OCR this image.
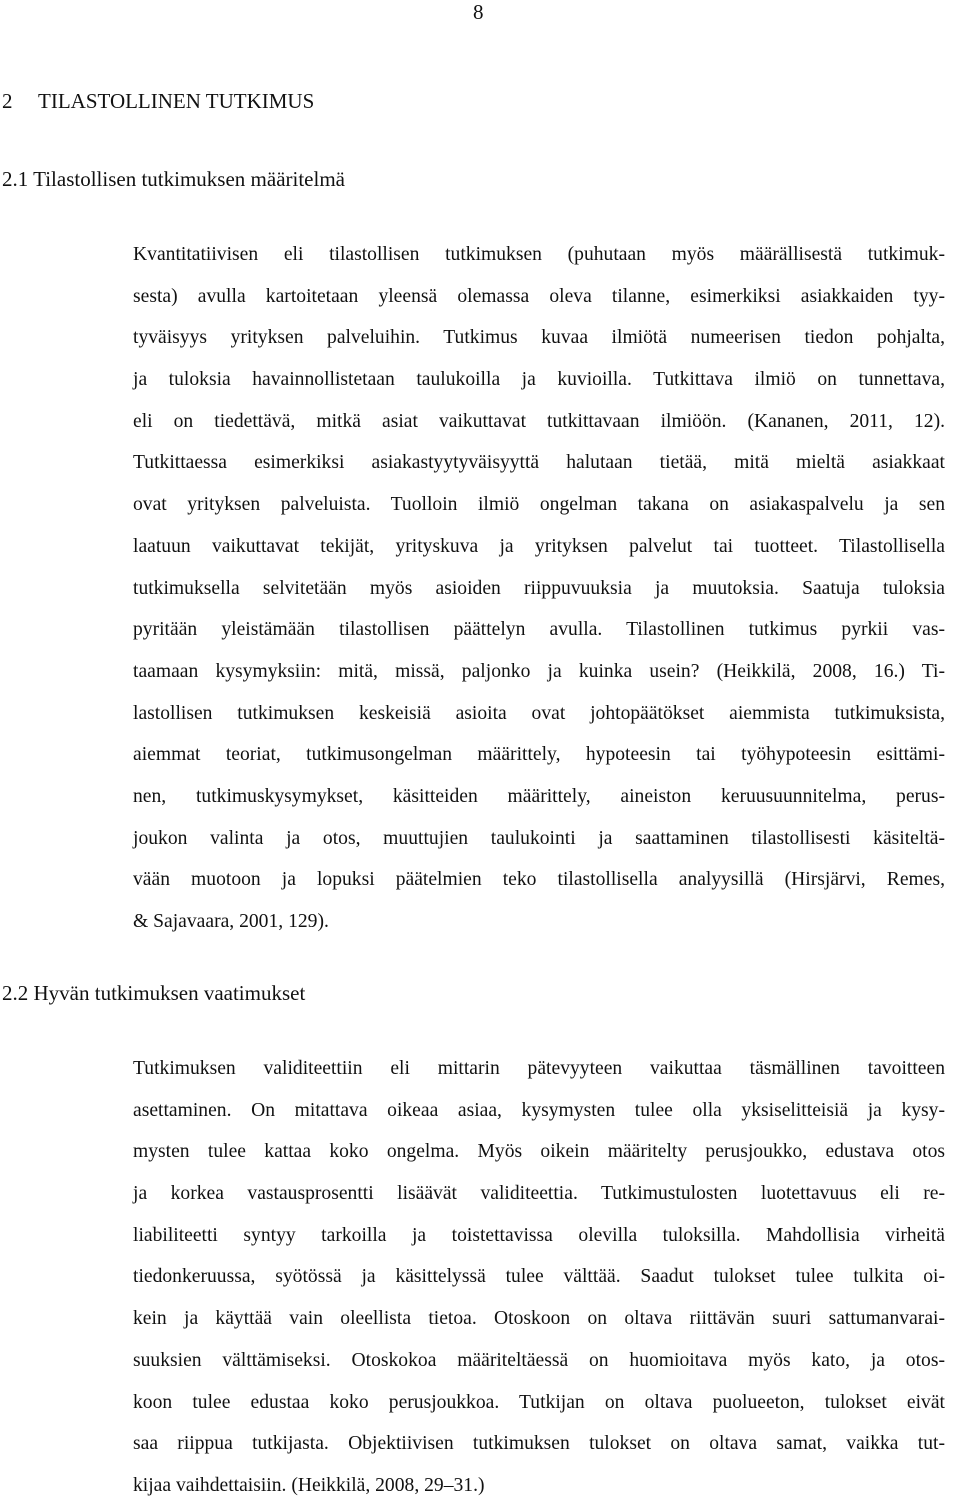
8
2 TILASTOLLINEN TUTKIMUS
2.1 Tilastollisen tutkimuksen määritelmä
Kvantitatiivisen eli tilastollisen tutkimuksen (puhutaan myös määrällisestä tutkimuk-
sesta) avulla kartoitetaan yleensä olemassa oleva tilanne, esimerkiksi asiakkaiden tyy-
tyväisyys yrityksen palveluihin. Tutkimus kuvaa ilmiötä numeerisen tiedon pohjalta,
ja tuloksia havainnollistetaan taulukoilla ja kuvioilla. Tutkittava ilmiö on tunnettava,
eli on tiedettävä, mitkä asiat vaikuttavat tutkittavaan ilmiöön. (Kananen, 2011, 12).
Tutkittaessa esimerkiksi asiakastyytyväisyyttä halutaan tietää, mitä mieltä asiakkaat
ovat yrityksen palveluista. Tuolloin ilmiö ongelman takana on asiakaspalvelu ja sen
laatuun vaikuttavat tekijät, yrityskuva ja yrityksen palvelut tai tuotteet. Tilastollisella
tutkimuksella selvitetään myös asioiden riippuvuuksia ja muutoksia. Saatuja tuloksia
pyritään yleistämään tilastollisen päättelyn avulla. Tilastollinen tutkimus pyrkii vas-
taamaan kysymyksiin: mitä, missä, paljonko ja kuinka usein? (Heikkilä, 2008, 16.) Ti-
lastollisen tutkimuksen keskeisiä asioita ovat johtopäätökset aiemmista tutkimuksista,
aiemmat teoriat, tutkimusongelman määrittely, hypoteesin tai työhypoteesin esittämi-
nen, tutkimuskysymykset, käsitteiden määrittely, aineiston keruusuunnitelma, perus-
joukon valinta ja otos, muuttujien taulukointi ja saattaminen tilastollisesti käsiteltä-
vään muotoon ja lopuksi päätelmien teko tilastollisella analyysillä (Hirsjärvi, Remes,
& Sajavaara, 2001, 129).
2.2 Hyvän tutkimuksen vaatimukset
Tutkimuksen validiteettiin eli mittarin pätevyyteen vaikuttaa täsmällinen tavoitteen
asettaminen. On mitattava oikeaa asiaa, kysymysten tulee olla yksiselitteisiä ja kysy-
mysten tulee kattaa koko ongelma. Myös oikein määritelty perusjoukko, edustava otos
ja korkea vastausprosentti lisäävät validiteettia. Tutkimustulosten luotettavuus eli re-
liabiliteetti syntyy tarkoilla ja toistettavissa olevilla tuloksilla. Mahdollisia virheitä
tiedonkeruussa, syötössä ja käsittelyssä tulee välttää. Saadut tulokset tulee tulkita oi-
kein ja käyttää vain oleellista tietoa. Otoskoon on oltava riittävän suuri sattumanvarai-
suuksien välttämiseksi. Otoskokoa määriteltäessä on huomioitava myös kato, ja otos-
koon tulee edustaa koko perusjoukkoa. Tutkijan on oltava puolueeton, tulokset eivät
saa riippua tutkijasta. Objektiivisen tutkimuksen tulokset on oltava samat, vaikka tut-
kijaa vaihdettaisiin. (Heikkilä, 2008, 29–31.)
